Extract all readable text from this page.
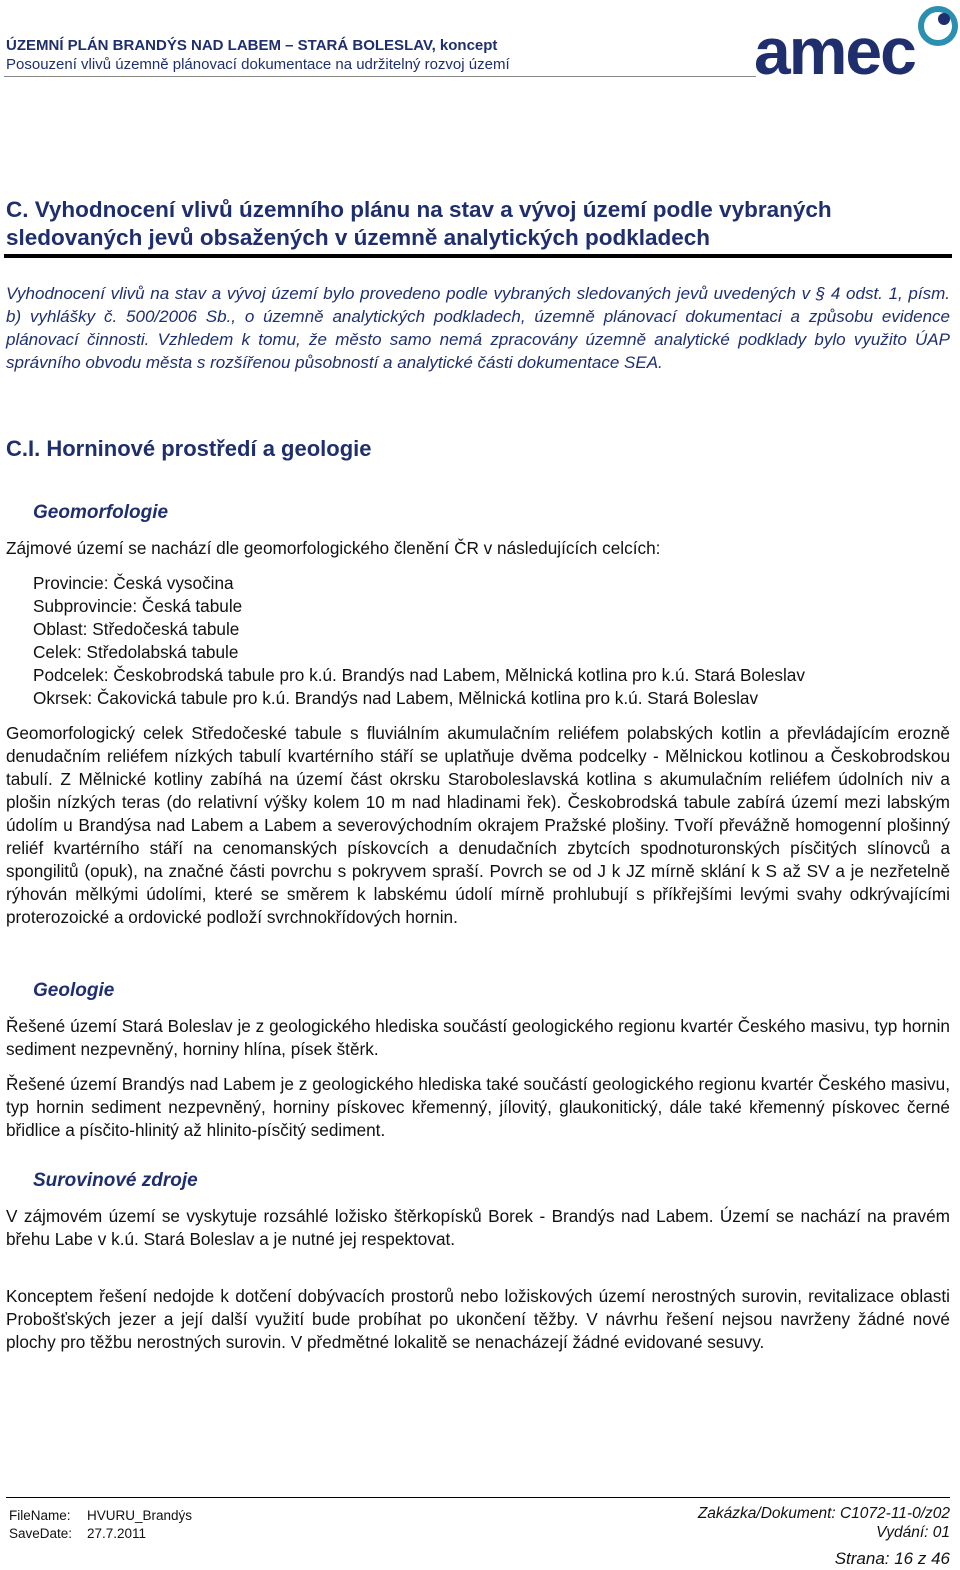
ÚZEMNÍ PLÁN BRANDÝS NAD LABEM – STARÁ BOLESLAV, koncept
Posouzení vlivů územně plánovací dokumentace na udržitelný rozvoj území	amec
C. Vyhodnocení vlivů územního plánu na stav a vývoj území podle vybraných sledovaných jevů obsažených v územně analytických podkladech

Vyhodnocení vlivů na stav a vývoj území bylo provedeno podle vybraných sledovaných jevů uvedených v § 4 odst. 1, písm. b) vyhlášky č. 500/2006 Sb., o územně analytických podkladech, územně plánovací dokumentaci a způsobu evidence plánovací činnosti. Vzhledem k tomu, že město samo nemá zpracovány územně analytické podklady bylo využito ÚAP správního obvodu města s rozšířenou působností a analytické části dokumentace SEA.

C.I. Horninové prostředí a geologie
Geomorfologie

Zájmové území se nachází dle geomorfologického členění ČR v následujících celcích:

Provincie: Česká vysočina
Subprovincie: Česká tabule
Oblast: Středočeská tabule
Celek: Středolabská tabule
Podcelek: Českobrodská tabule pro k.ú. Brandýs nad Labem, Mělnická kotlina pro k.ú. Stará Boleslav
Okrsek: Čakovická tabule pro k.ú. Brandýs nad Labem, Mělnická kotlina pro k.ú. Stará Boleslav

Geomorfologický celek Středočeské tabule s fluviálním akumulačním reliéfem polabských kotlin a převládajícím erozně denudačním reliéfem nízkých tabulí kvartérního stáří se uplatňuje dvěma podcelky - Mělnickou kotlinou a Českobrodskou tabulí. Z Mělnické kotliny zabíhá na území část okrsku Staroboleslavská kotlina s akumulačním reliéfem údolních niv a plošin nízkých teras (do relativní výšky kolem 10 m nad hladinami řek). Českobrodská tabule zabírá území mezi labským údolím u Brandýsa nad Labem a Labem a severovýchodním okrajem Pražské plošiny. Tvoří převážně homogenní plošinný reliéf kvartérního stáří na cenomanských pískovcích a denudačních zbytcích spodnoturonských písčitých slínovců a spongilitů (opuk), na značné části povrchu s pokryvem spraší. Povrch se od J k JZ mírně sklání k S až SV a je nezřetelně rýhován mělkými údolími, které se směrem k labskému údolí mírně prohlubují s příkřejšími levými svahy odkrývajícími proterozoické a ordovické podloží svrchnokřídových hornin.

Geologie

Řešené území Stará Boleslav je z geologického hlediska součástí geologického regionu kvartér Českého masivu, typ hornin sediment nezpevněný, horniny hlína, písek štěrk.

Řešené území Brandýs nad Labem je z geologického hlediska také součástí geologického regionu kvartér Českého masivu, typ hornin sediment nezpevněný, horniny pískovec křemenný, jílovitý, glaukonitický, dále také křemenný pískovec černé břidlice a písčito-hlinitý až hlinito-písčitý sediment.

Surovinové zdroje

V zájmovém území se vyskytuje rozsáhlé ložisko štěrkopísků Borek - Brandýs nad Labem. Území se nachází na pravém břehu Labe v k.ú. Stará Boleslav a je nutné jej respektovat.

Konceptem řešení nedojde k dotčení dobývacích prostorů nebo ložiskových území nerostných surovin, revitalizace oblasti Probošťských jezer a její další využití bude probíhat po ukončení těžby. V návrhu řešení nejsou navrženy žádné nové plochy pro těžbu nerostných surovin. V předmětné lokalitě se nenacházejí žádné evidované sesuvy.

FileName: HVURU_Brandýs
SaveDate: 27.7.2011
Zakázka/Dokument: C1072-11-0/z02
Vydání: 01
Strana: 16 z 46
